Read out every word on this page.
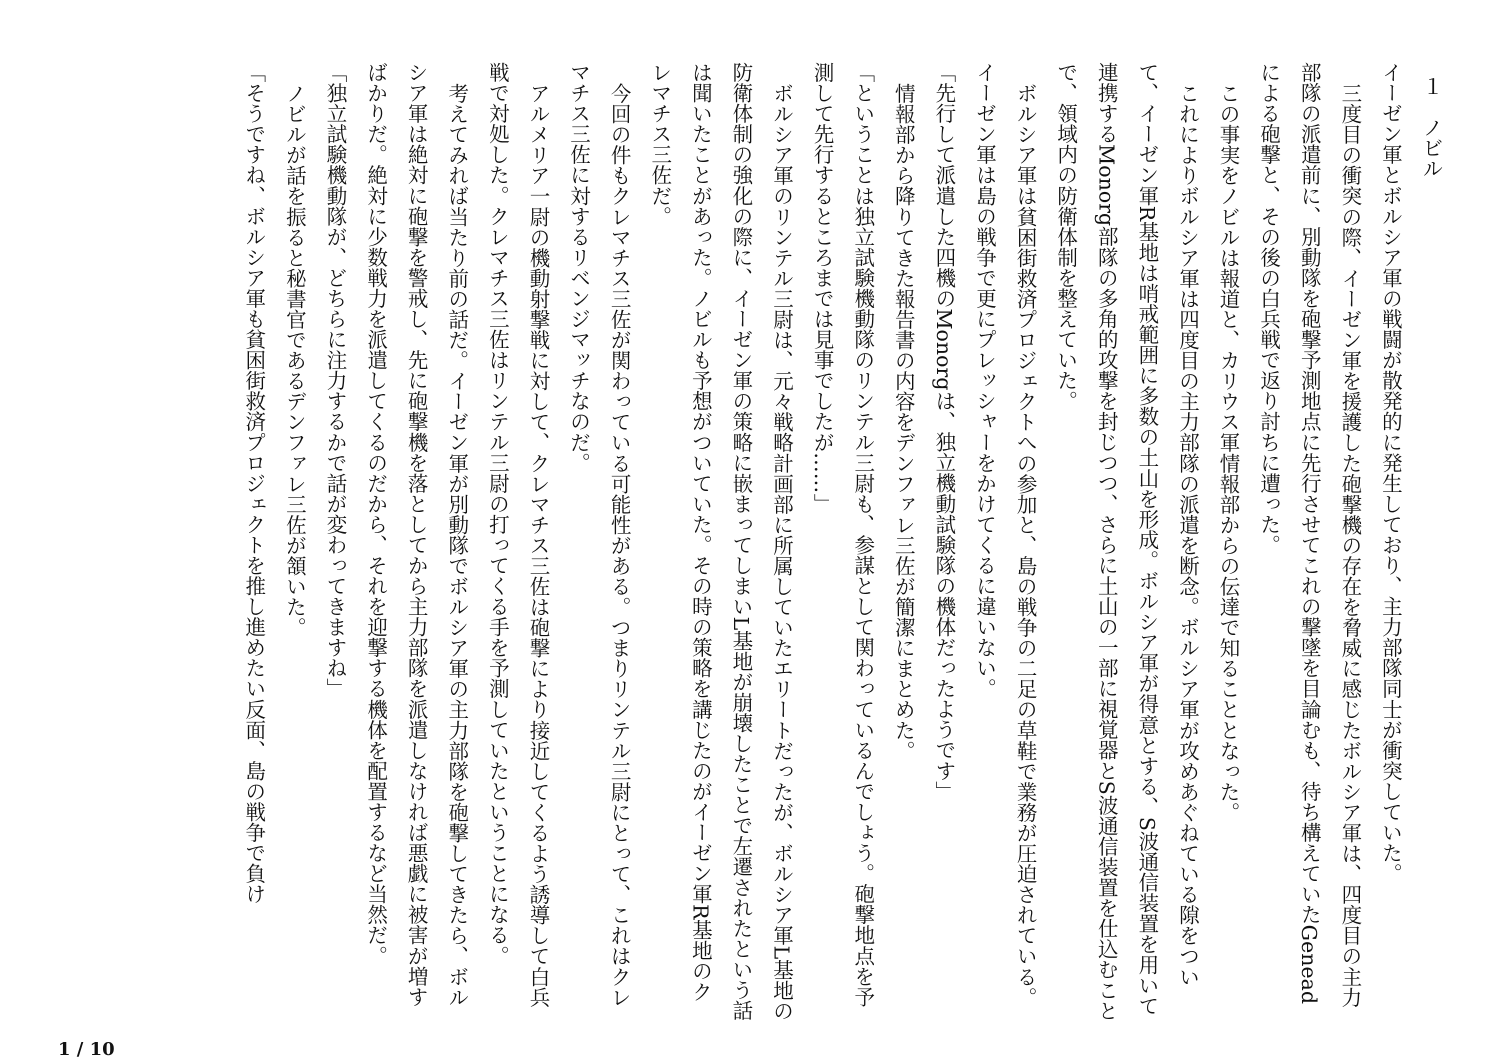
１　ノビル

イーゼン軍とボルシア軍の戦闘が散発的に発生しており、主力部隊同士が衝突していた。

三度目の衝突の際、イーゼン軍を援護した砲撃機の存在を脅威に感じたボルシア軍は、四度目の主力部隊の派遣前に、別動隊を砲撃予測地点に先行させてこれの撃墜を目論むも、待ち構えていたGeneadによる砲撃と、その後の白兵戦で返り討ちに遭った。

この事実をノビルは報道と、カリウス軍情報部からの伝達で知ることとなった。

これによりボルシア軍は四度目の主力部隊の派遣を断念。ボルシア軍が攻めあぐねている隙をついて、イーゼン軍R基地は哨戒範囲に多数の土山を形成。ボルシア軍が得意とする、S波通信装置を用いて連携するMonorg部隊の多角的攻撃を封じつつ、さらに土山の一部に視覚器とS波通信装置を仕込むことで、領域内の防衛体制を整えていた。

ボルシア軍は貧困街救済プロジェクトへの参加と、島の戦争の二足の草鞋で業務が圧迫されている。イーゼン軍は島の戦争で更にプレッシャーをかけてくるに違いない。

「先行して派遣した四機のMonorgは、独立機動試験隊の機体だったようです」

情報部から降りてきた報告書の内容をデンファレ三佐が簡潔にまとめた。

「ということは独立試験機動隊のリンテル三尉も、参謀として関わっているんでしょう。砲撃地点を予測して先行するところまでは見事でしたが……」

ボルシア軍のリンテル三尉は、元々戦略計画部に所属していたエリートだったが、ボルシア軍L基地の防衛体制の強化の際に、イーゼン軍の策略に嵌まってしまいL基地が崩壊したことで左遷されたという話は聞いたことがあった。ノビルも予想がついていた。その時の策略を講じたのがイーゼン軍R基地のクレマチス三佐だ。

今回の件もクレマチス三佐が関わっている可能性がある。つまりリンテル三尉にとって、これはクレマチス三佐に対するリベンジマッチなのだ。

アルメリア一尉の機動射撃戦に対して、クレマチス三佐は砲撃により接近してくるよう誘導して白兵戦で対処した。クレマチス三佐はリンテル三尉の打ってくる手を予測していたということになる。

考えてみれば当たり前の話だ。イーゼン軍が別動隊でボルシア軍の主力部隊を砲撃してきたら、ボルシア軍は絶対に砲撃を警戒し、先に砲撃機を落としてから主力部隊を派遣しなければ悪戯に被害が増すばかりだ。絶対に少数戦力を派遣してくるのだから、それを迎撃する機体を配置するなど当然だ。

「独立試験機動隊が、どちらに注力するかで話が変わってきますね」

ノビルが話を振ると秘書官であるデンファレ三佐が頷いた。

「そうですね、ボルシア軍も貧困街救済プロジェクトを推し進めたい反面、島の戦争で負け

1 / 10
